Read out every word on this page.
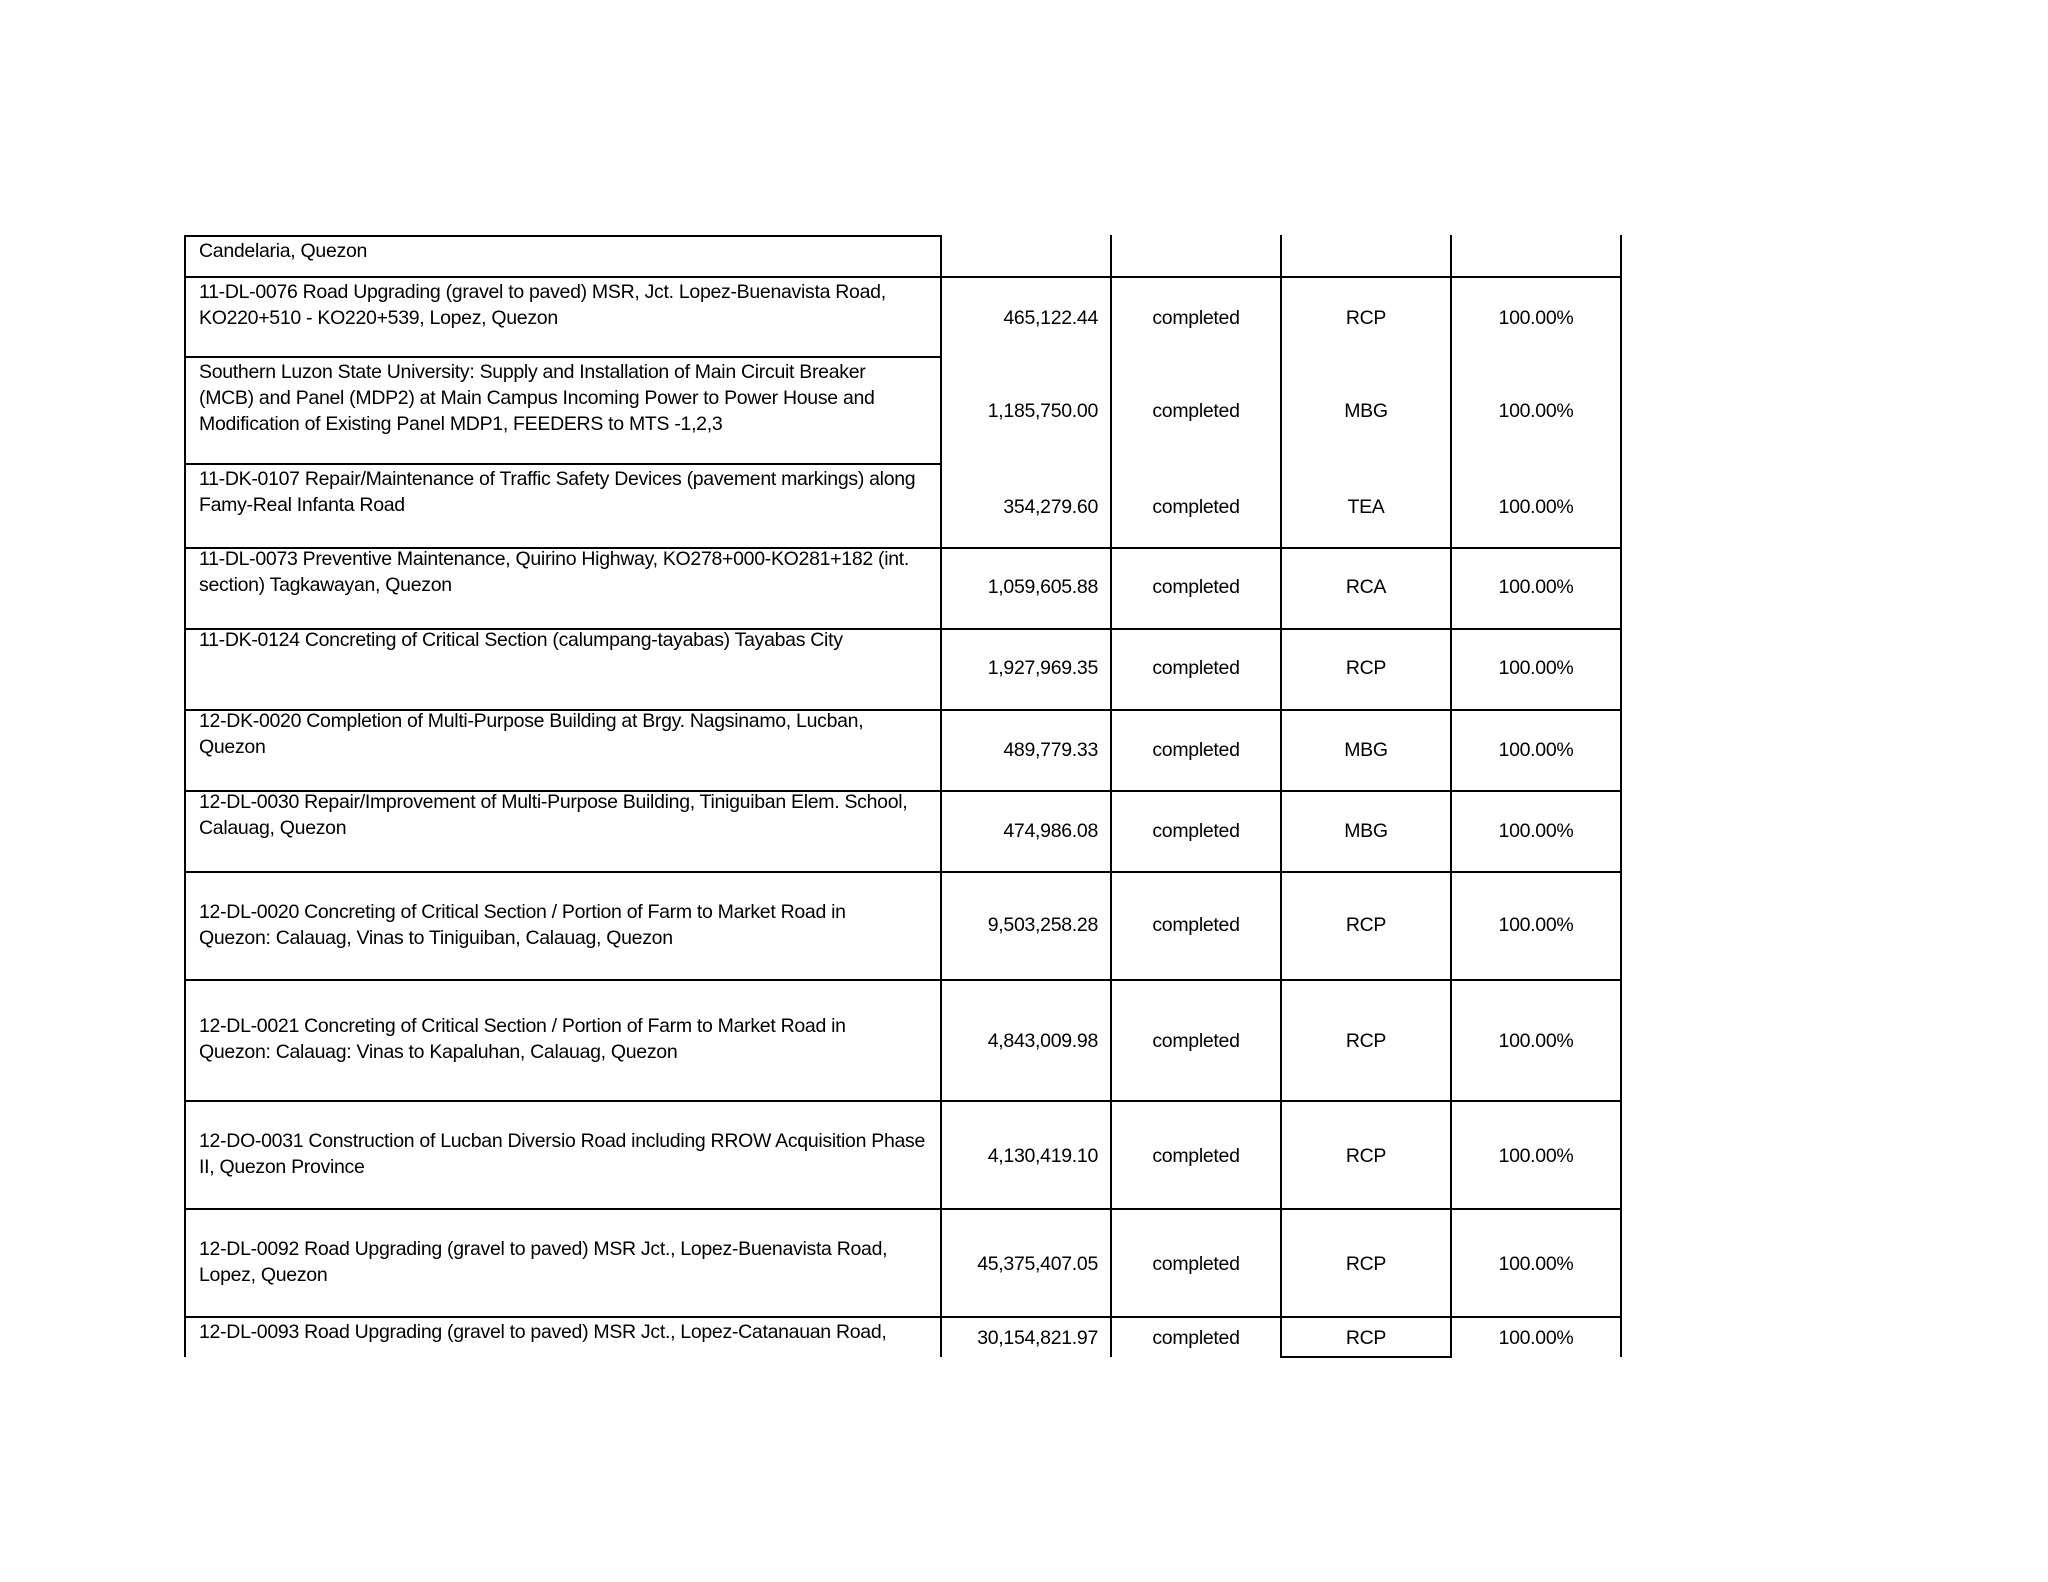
Candelaria, Quezon
11-DL-0076 Road Upgrading (gravel to paved) MSR, Jct. Lopez-Buenavista Road,
KO220+510 - KO220+539, Lopez, Quezon	465,122.44	completed	RCP	100.00%
Southern Luzon State University: Supply and Installation of Main Circuit Breaker
(MCB) and Panel (MDP2) at Main Campus Incoming Power to Power House and
Modification of Existing Panel MDP1, FEEDERS to MTS -1,2,3
1,185,750.00	completed	MBG	100.00%
11-DK-0107 Repair/Maintenance of Traffic Safety Devices (pavement markings) along
Famy-Real Infanta Road	354,279.60	completed	TEA	100.00%
11-DL-0073 Preventive Maintenance, Quirino Highway, KO278+000-KO281+182 (int.
section) Tagkawayan, Quezon	1,059,605.88	completed	RCA	100.00%
11-DK-0124 Concreting of Critical Section (calumpang-tayabas) Tayabas City
1,927,969.35	completed	RCP	100.00%
12-DK-0020 Completion of Multi-Purpose Building at Brgy. Nagsinamo, Lucban,
Quezon	489,779.33	completed	MBG	100.00%
12-DL-0030 Repair/Improvement of Multi-Purpose Building, Tiniguiban Elem. School,
Calauag, Quezon	474,986.08	completed	MBG	100.00%
12-DL-0020 Concreting of Critical Section / Portion of Farm to Market Road in
Quezon: Calauag, Vinas to Tiniguiban, Calauag, Quezon
9,503,258.28	completed	RCP	100.00%
12-DL-0021 Concreting of Critical Section / Portion of Farm to Market Road in
Quezon: Calauag: Vinas to Kapaluhan, Calauag, Quezon	4,843,009.98	completed	RCP	100.00%
12-DO-0031 Construction of Lucban Diversio Road including RROW Acquisition Phase
II, Quezon Province	4,130,419.10	completed	RCP	100.00%
12-DL-0092 Road Upgrading (gravel to paved) MSR Jct., Lopez-Buenavista Road,
Lopez, Quezon	45,375,407.05	completed	RCP	100.00%
12-DL-0093 Road Upgrading (gravel to paved) MSR Jct., Lopez-Catanauan Road,	30,154,821.97	completed	RCP	100.00%
